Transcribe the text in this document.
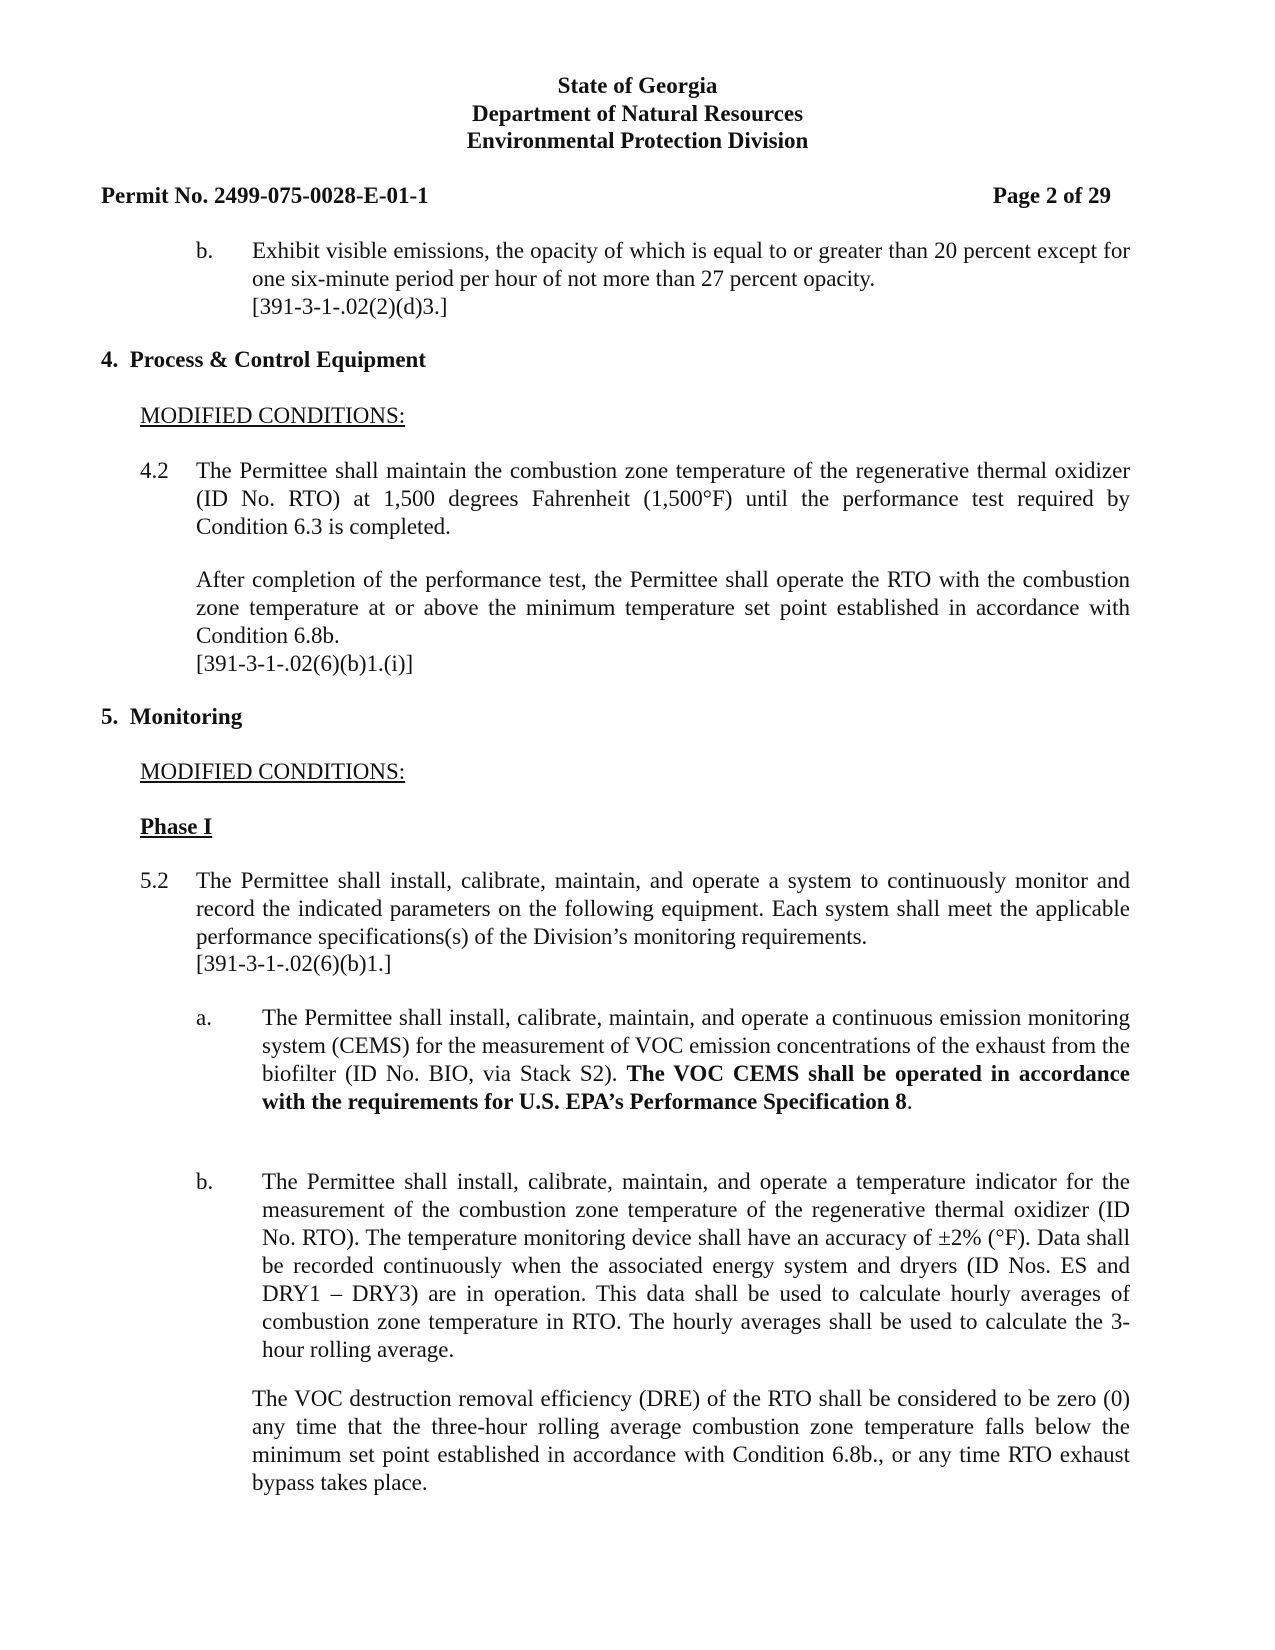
State of Georgia
Department of Natural Resources
Environmental Protection Division
Permit No. 2499-075-0028-E-01-1	Page 2 of 29
b. Exhibit visible emissions, the opacity of which is equal to or greater than 20 percent except for one six-minute period per hour of not more than 27 percent opacity.
[391-3-1-.02(2)(d)3.]
4.  Process & Control Equipment
MODIFIED CONDITIONS:
4.2 The Permittee shall maintain the combustion zone temperature of the regenerative thermal oxidizer (ID No. RTO) at 1,500 degrees Fahrenheit (1,500°F) until the performance test required by Condition 6.3 is completed.
After completion of the performance test, the Permittee shall operate the RTO with the combustion zone temperature at or above the minimum temperature set point established in accordance with Condition 6.8b.
[391-3-1-.02(6)(b)1.(i)]
5.  Monitoring
MODIFIED CONDITIONS:
Phase I
5.2 The Permittee shall install, calibrate, maintain, and operate a system to continuously monitor and record the indicated parameters on the following equipment. Each system shall meet the applicable performance specifications(s) of the Division’s monitoring requirements.
[391-3-1-.02(6)(b)1.]
a. The Permittee shall install, calibrate, maintain, and operate a continuous emission monitoring system (CEMS) for the measurement of VOC emission concentrations of the exhaust from the biofilter (ID No. BIO, via Stack S2). The VOC CEMS shall be operated in accordance with the requirements for U.S. EPA’s Performance Specification 8.
b. The Permittee shall install, calibrate, maintain, and operate a temperature indicator for the measurement of the combustion zone temperature of the regenerative thermal oxidizer (ID No. RTO). The temperature monitoring device shall have an accuracy of ±2% (°F). Data shall be recorded continuously when the associated energy system and dryers (ID Nos. ES and DRY1 – DRY3) are in operation. This data shall be used to calculate hourly averages of combustion zone temperature in RTO. The hourly averages shall be used to calculate the 3-hour rolling average.
The VOC destruction removal efficiency (DRE) of the RTO shall be considered to be zero (0) any time that the three-hour rolling average combustion zone temperature falls below the minimum set point established in accordance with Condition 6.8b., or any time RTO exhaust bypass takes place.
